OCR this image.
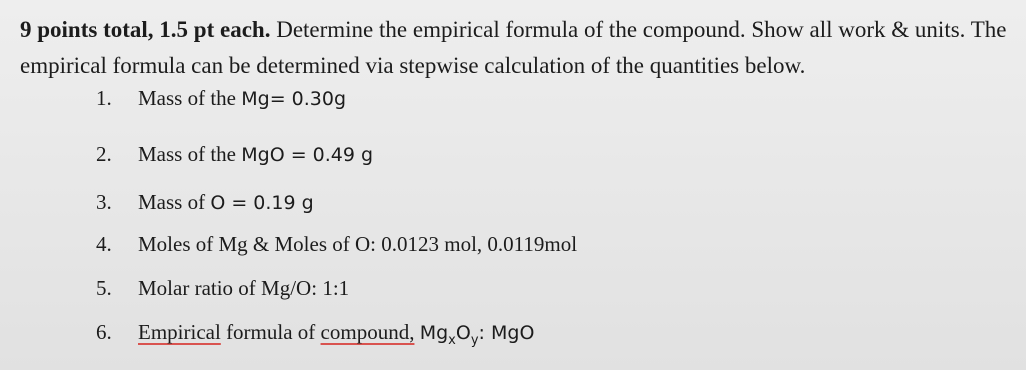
9 points total, 1.5 pt each. Determine the empirical formula of the compound. Show all work & units. The empirical formula can be determined via stepwise calculation of the quantities below.
1. Mass of the Mg= 0.30g
2. Mass of the MgO = 0.49 g
3. Mass of O = 0.19 g
4. Moles of Mg & Moles of O: 0.0123 mol, 0.0119mol
5. Molar ratio of Mg/O: 1:1
6. Empirical formula of compound, $Mg_xO_y$: MgO
